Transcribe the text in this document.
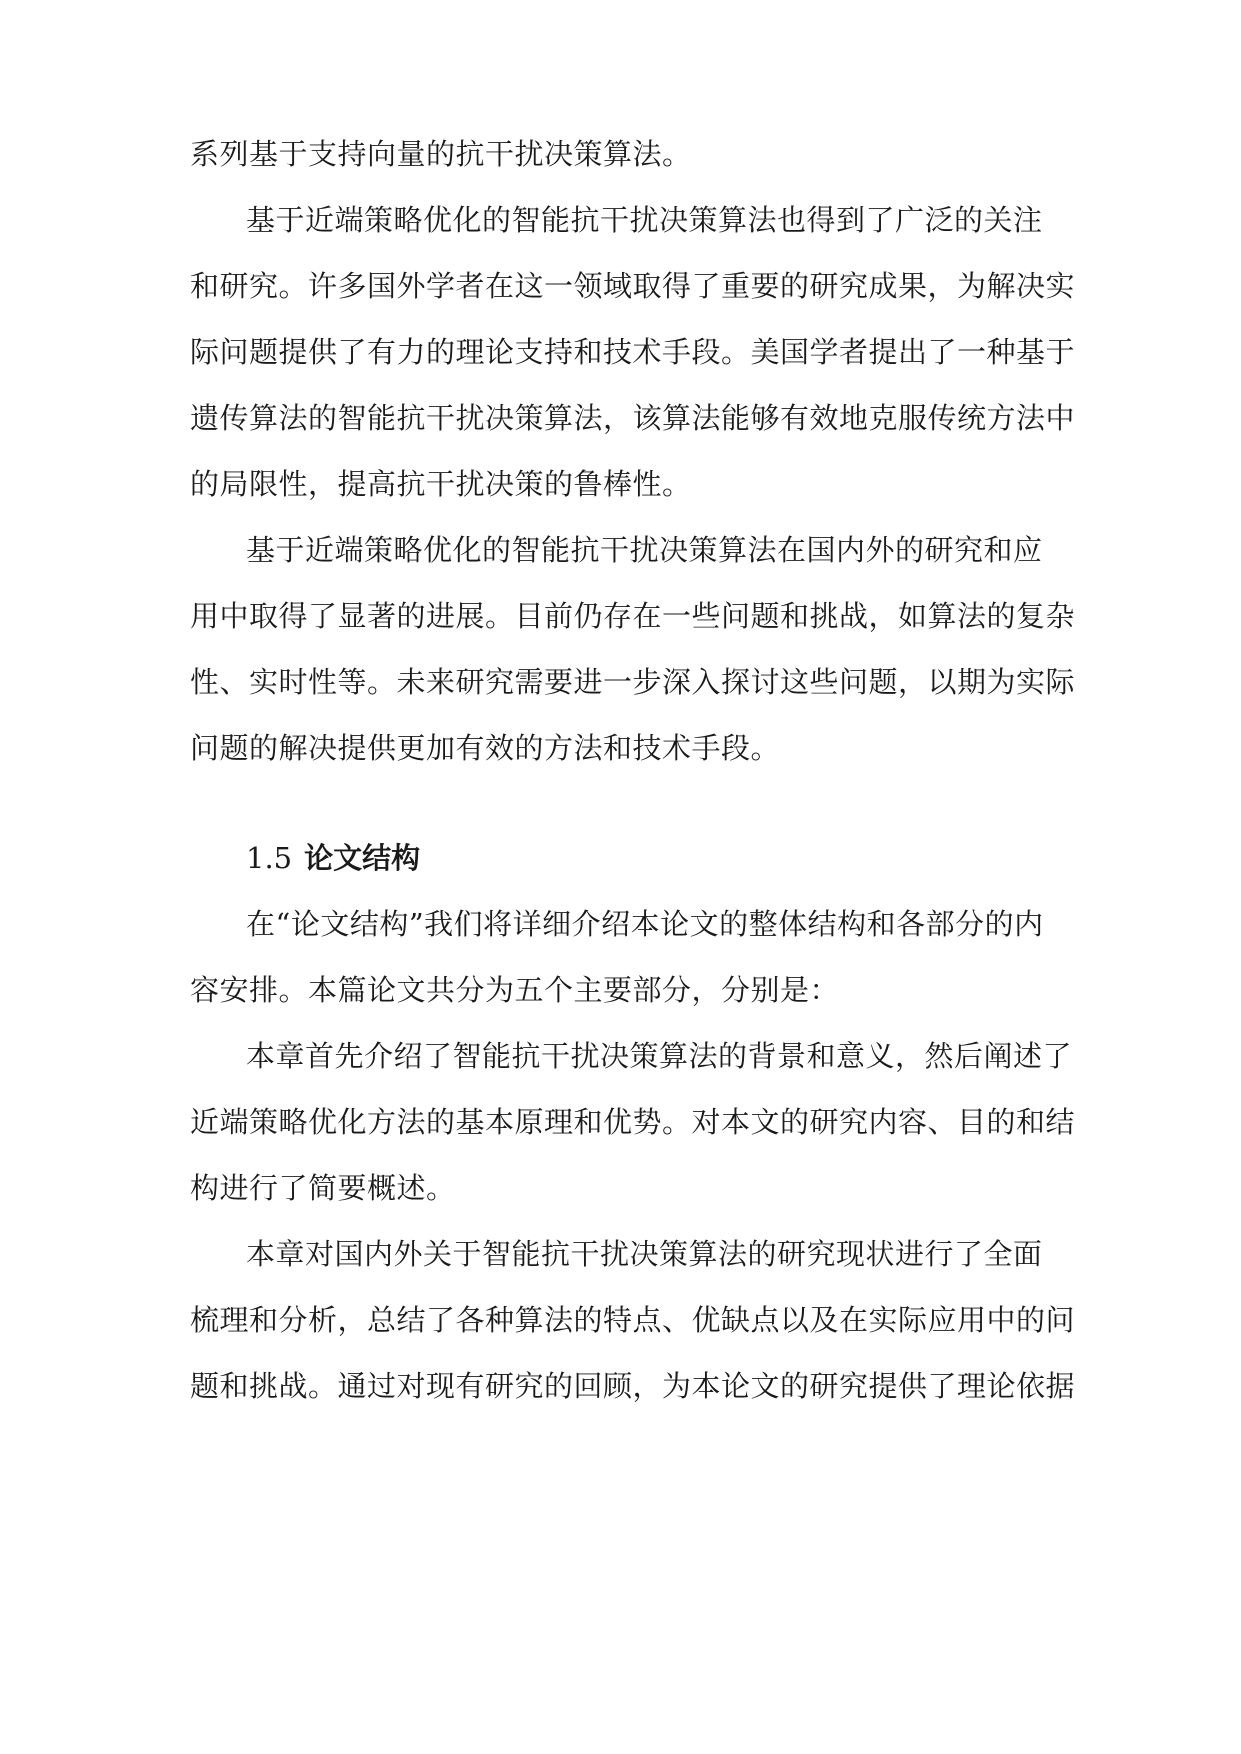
系列基于支持向量的抗干扰决策算法。
基于近端策略优化的智能抗干扰决策算法也得到了广泛的关注
和研究。许多国外学者在这一领域取得了重要的研究成果，为解决实
际问题提供了有力的理论支持和技术手段。美国学者提出了一种基于
遗传算法的智能抗干扰决策算法，该算法能够有效地克服传统方法中
的局限性，提高抗干扰决策的鲁棒性。
基于近端策略优化的智能抗干扰决策算法在国内外的研究和应
用中取得了显著的进展。目前仍存在一些问题和挑战，如算法的复杂
性、实时性等。未来研究需要进一步深入探讨这些问题，以期为实际
问题的解决提供更加有效的方法和技术手段。
1.5 论文结构
在“论文结构”我们将详细介绍本论文的整体结构和各部分的内
容安排。本篇论文共分为五个主要部分，分别是：
本章首先介绍了智能抗干扰决策算法的背景和意义，然后阐述了
近端策略优化方法的基本原理和优势。对本文的研究内容、目的和结
构进行了简要概述。
本章对国内外关于智能抗干扰决策算法的研究现状进行了全面
梳理和分析，总结了各种算法的特点、优缺点以及在实际应用中的问
题和挑战。通过对现有研究的回顾，为本论文的研究提供了理论依据
